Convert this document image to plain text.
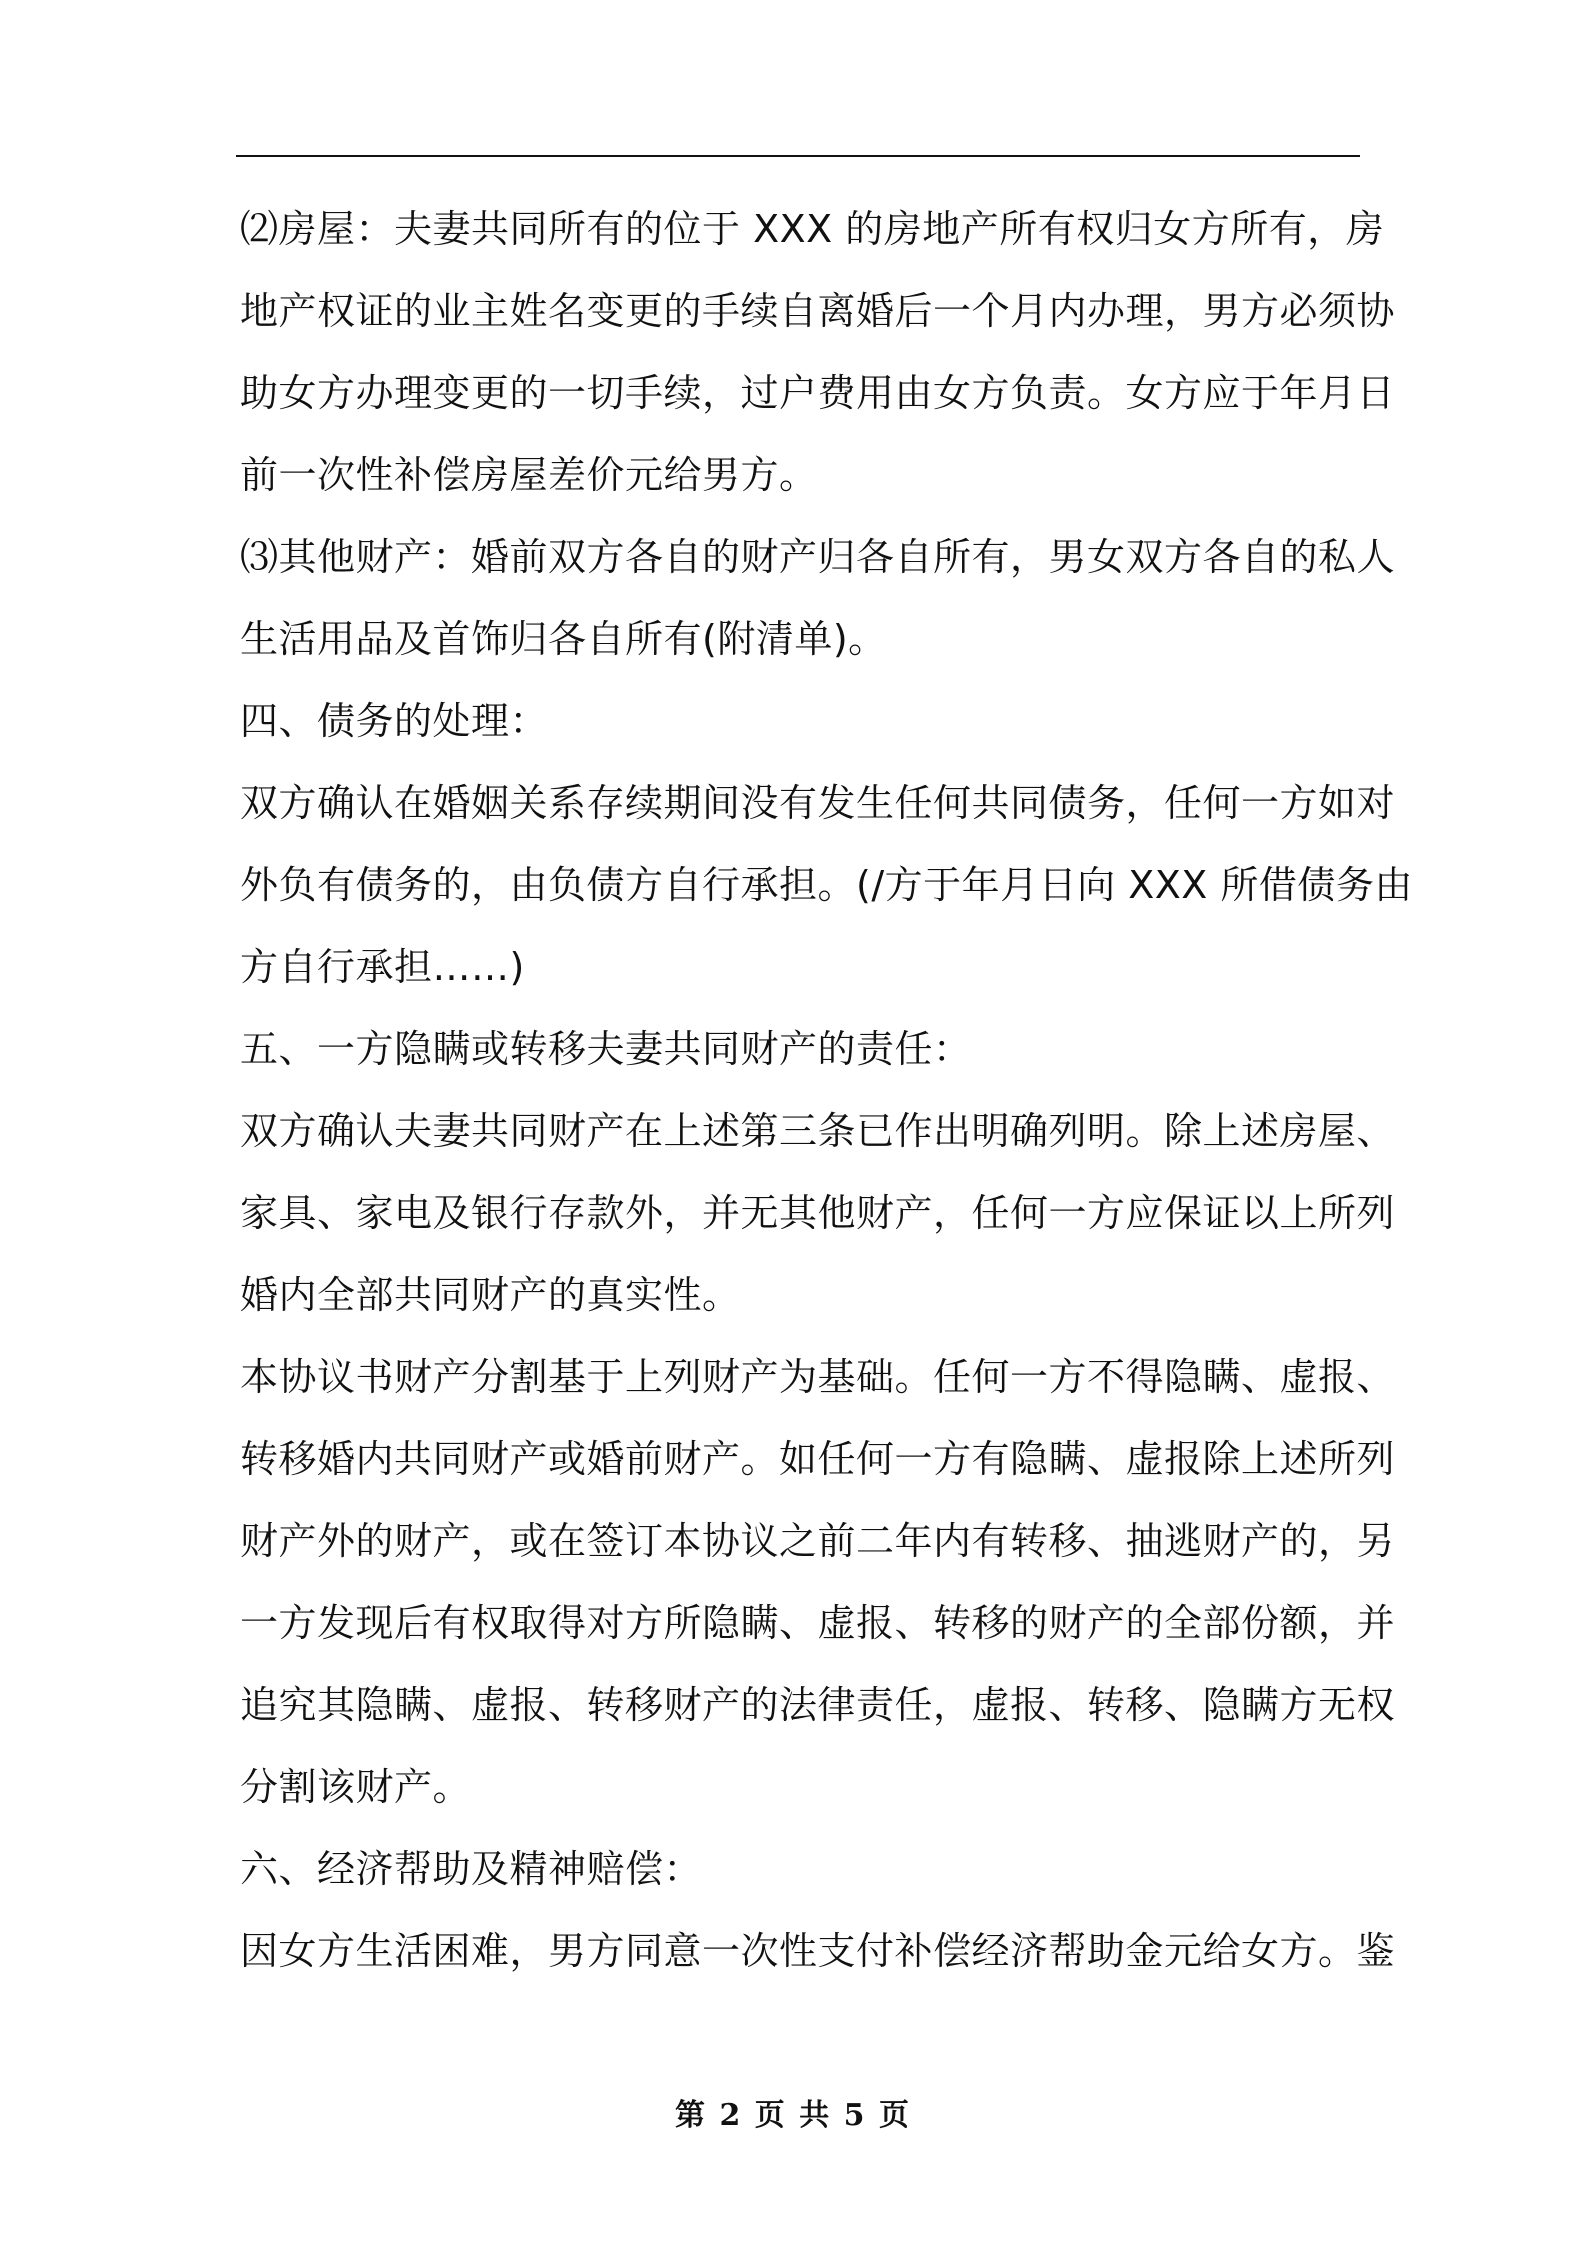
⑵房屋：夫妻共同所有的位于 XXX 的房地产所有权归女方所有，房
地产权证的业主姓名变更的手续自离婚后一个月内办理，男方必须协
助女方办理变更的一切手续，过户费用由女方负责。女方应于年月日
前一次性补偿房屋差价元给男方。
⑶其他财产：婚前双方各自的财产归各自所有，男女双方各自的私人
生活用品及首饰归各自所有(附清单)。
四、债务的处理：
双方确认在婚姻关系存续期间没有发生任何共同债务，任何一方如对
外负有债务的，由负债方自行承担。(/方于年月日向 XXX 所借债务由
方自行承担……)
五、一方隐瞒或转移夫妻共同财产的责任：
双方确认夫妻共同财产在上述第三条已作出明确列明。除上述房屋、
家具、家电及银行存款外，并无其他财产，任何一方应保证以上所列
婚内全部共同财产的真实性。
本协议书财产分割基于上列财产为基础。任何一方不得隐瞒、虚报、
转移婚内共同财产或婚前财产。如任何一方有隐瞒、虚报除上述所列
财产外的财产，或在签订本协议之前二年内有转移、抽逃财产的，另
一方发现后有权取得对方所隐瞒、虚报、转移的财产的全部份额，并
追究其隐瞒、虚报、转移财产的法律责任，虚报、转移、隐瞒方无权
分割该财产。
六、经济帮助及精神赔偿：
因女方生活困难，男方同意一次性支付补偿经济帮助金元给女方。鉴
第 2 页 共 5 页
